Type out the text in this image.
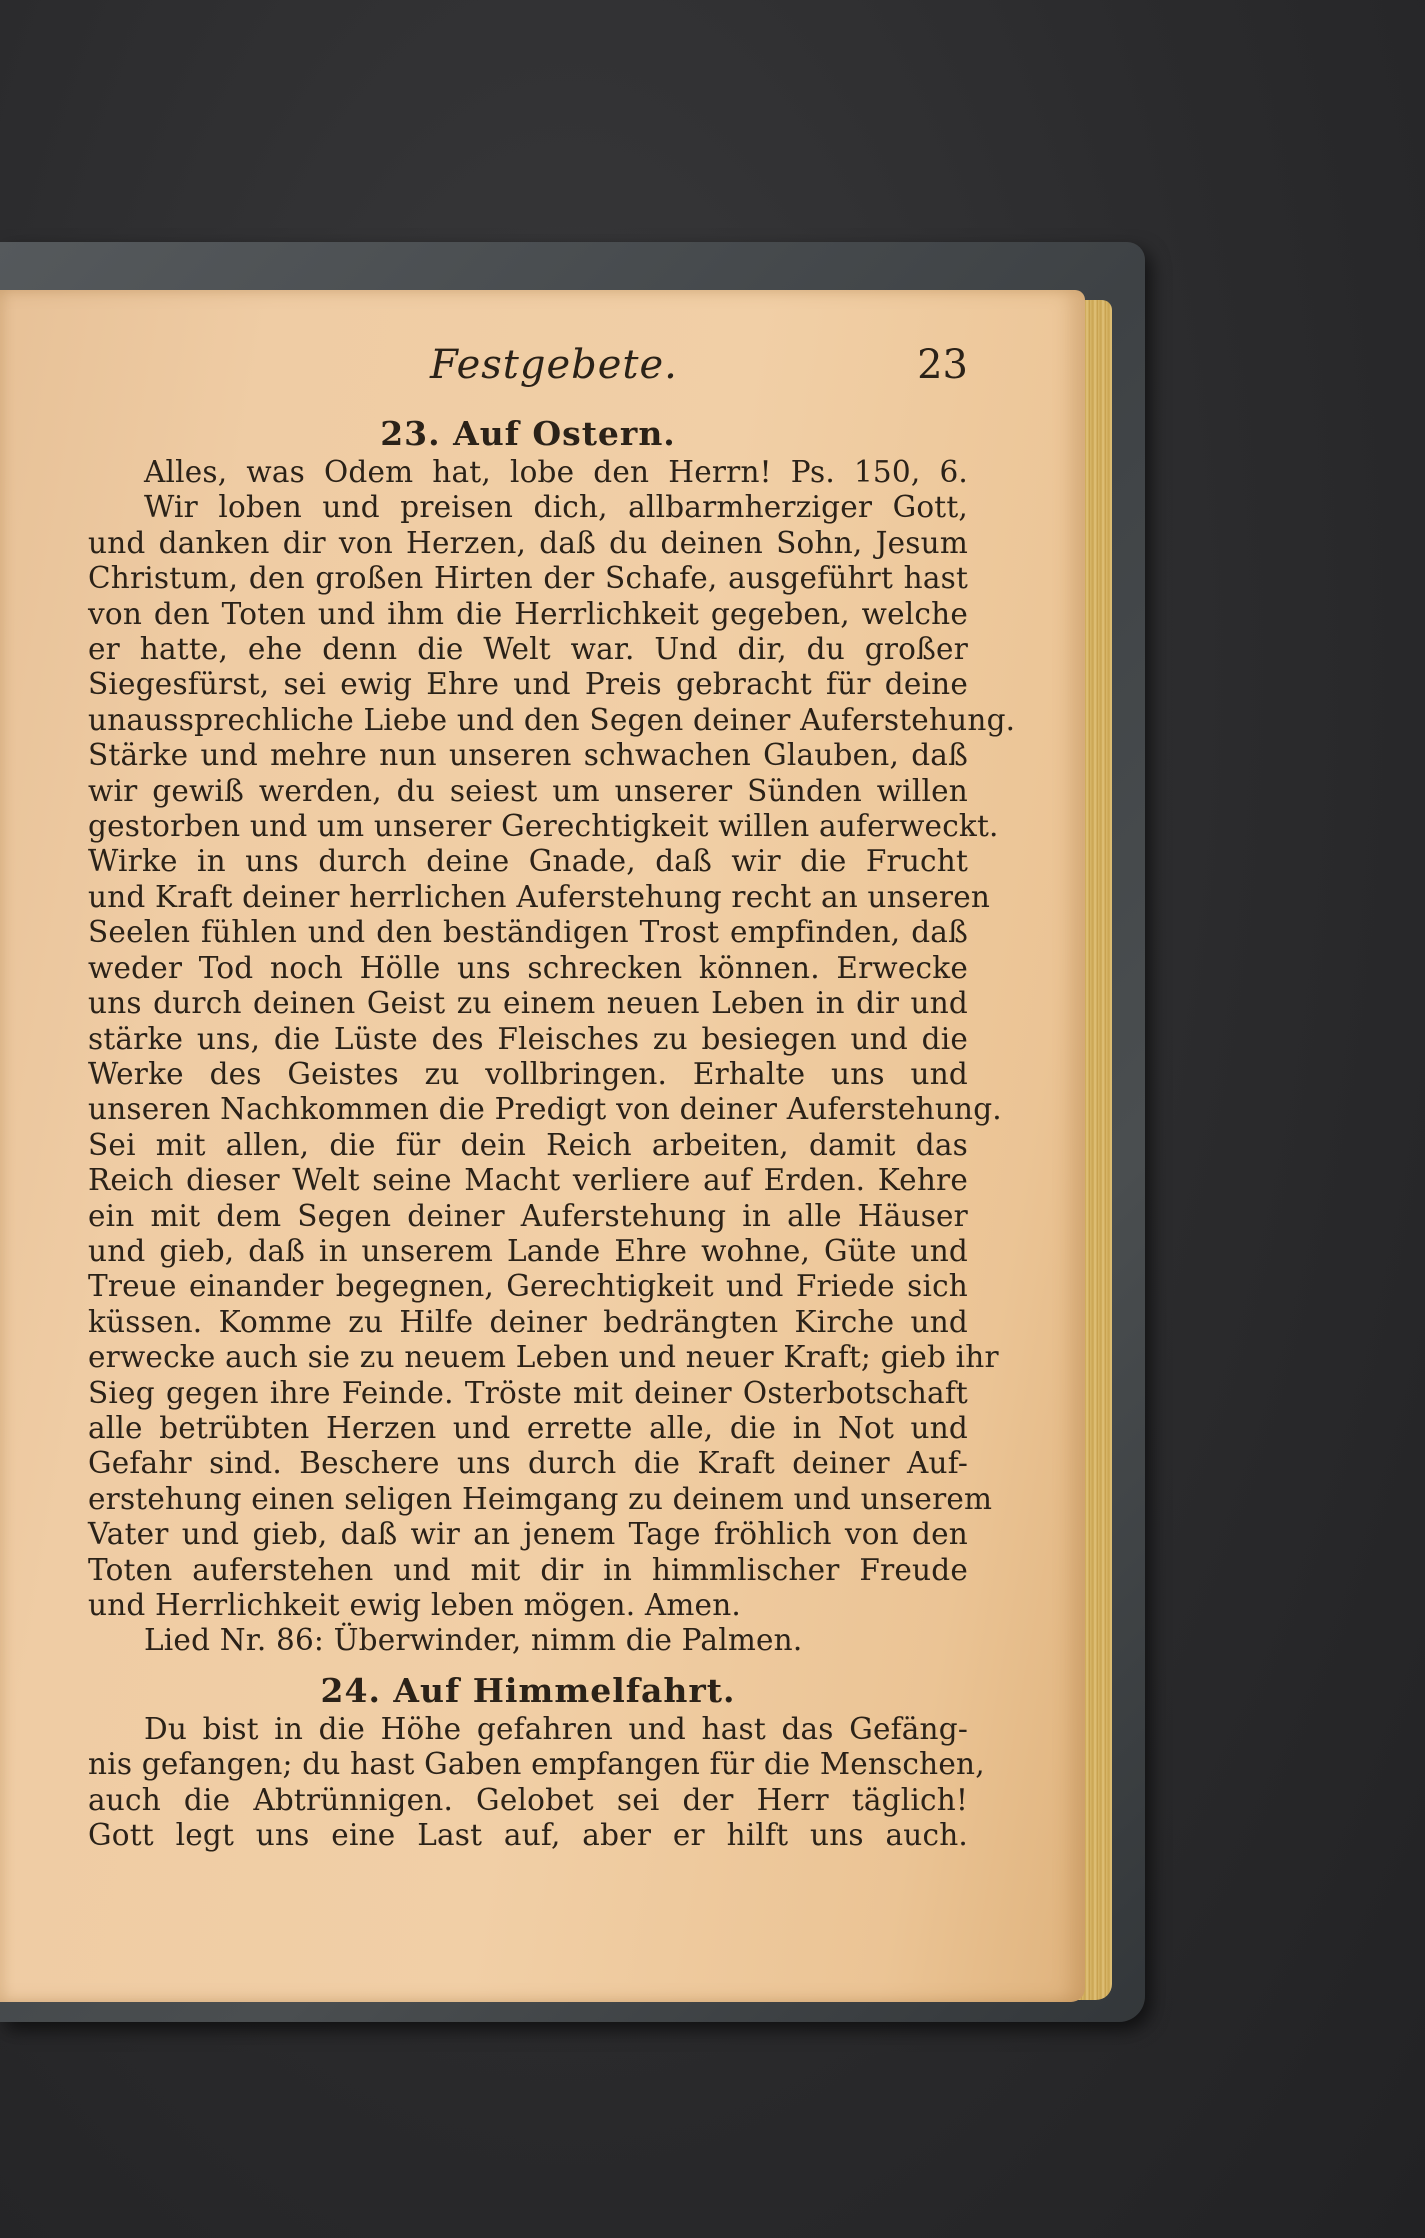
Festgebete.	23
23. Auf Ostern.
Alles, was Odem hat, lobe den Herrn! Ps. 150, 6.
Wir loben und preisen dich, allbarmherziger Gott,
und danken dir von Herzen, daß du deinen Sohn, Jesum
Christum, den großen Hirten der Schafe, ausgeführt hast
von den Toten und ihm die Herrlichkeit gegeben, welche
er hatte, ehe denn die Welt war. Und dir, du großer
Siegesfürst, sei ewig Ehre und Preis gebracht für deine
unaussprechliche Liebe und den Segen deiner Auferstehung.
Stärke und mehre nun unseren schwachen Glauben, daß
wir gewiß werden, du seiest um unserer Sünden willen
gestorben und um unserer Gerechtigkeit willen auferweckt.
Wirke in uns durch deine Gnade, daß wir die Frucht
und Kraft deiner herrlichen Auferstehung recht an unseren
Seelen fühlen und den beständigen Trost empfinden, daß
weder Tod noch Hölle uns schrecken können. Erwecke
uns durch deinen Geist zu einem neuen Leben in dir und
stärke uns, die Lüste des Fleisches zu besiegen und die
Werke des Geistes zu vollbringen. Erhalte uns und
unseren Nachkommen die Predigt von deiner Auferstehung.
Sei mit allen, die für dein Reich arbeiten, damit das
Reich dieser Welt seine Macht verliere auf Erden. Kehre
ein mit dem Segen deiner Auferstehung in alle Häuser
und gieb, daß in unserem Lande Ehre wohne, Güte und
Treue einander begegnen, Gerechtigkeit und Friede sich
küssen. Komme zu Hilfe deiner bedrängten Kirche und
erwecke auch sie zu neuem Leben und neuer Kraft; gieb ihr
Sieg gegen ihre Feinde. Tröste mit deiner Osterbotschaft
alle betrübten Herzen und errette alle, die in Not und
Gefahr sind. Beschere uns durch die Kraft deiner Auf-
erstehung einen seligen Heimgang zu deinem und unserem
Vater und gieb, daß wir an jenem Tage fröhlich von den
Toten auferstehen und mit dir in himmlischer Freude
und Herrlichkeit ewig leben mögen. Amen.
Lied Nr. 86: Überwinder, nimm die Palmen.
24. Auf Himmelfahrt.
Du bist in die Höhe gefahren und hast das Gefäng-
nis gefangen; du hast Gaben empfangen für die Menschen,
auch die Abtrünnigen. Gelobet sei der Herr täglich!
Gott legt uns eine Last auf, aber er hilft uns auch.
